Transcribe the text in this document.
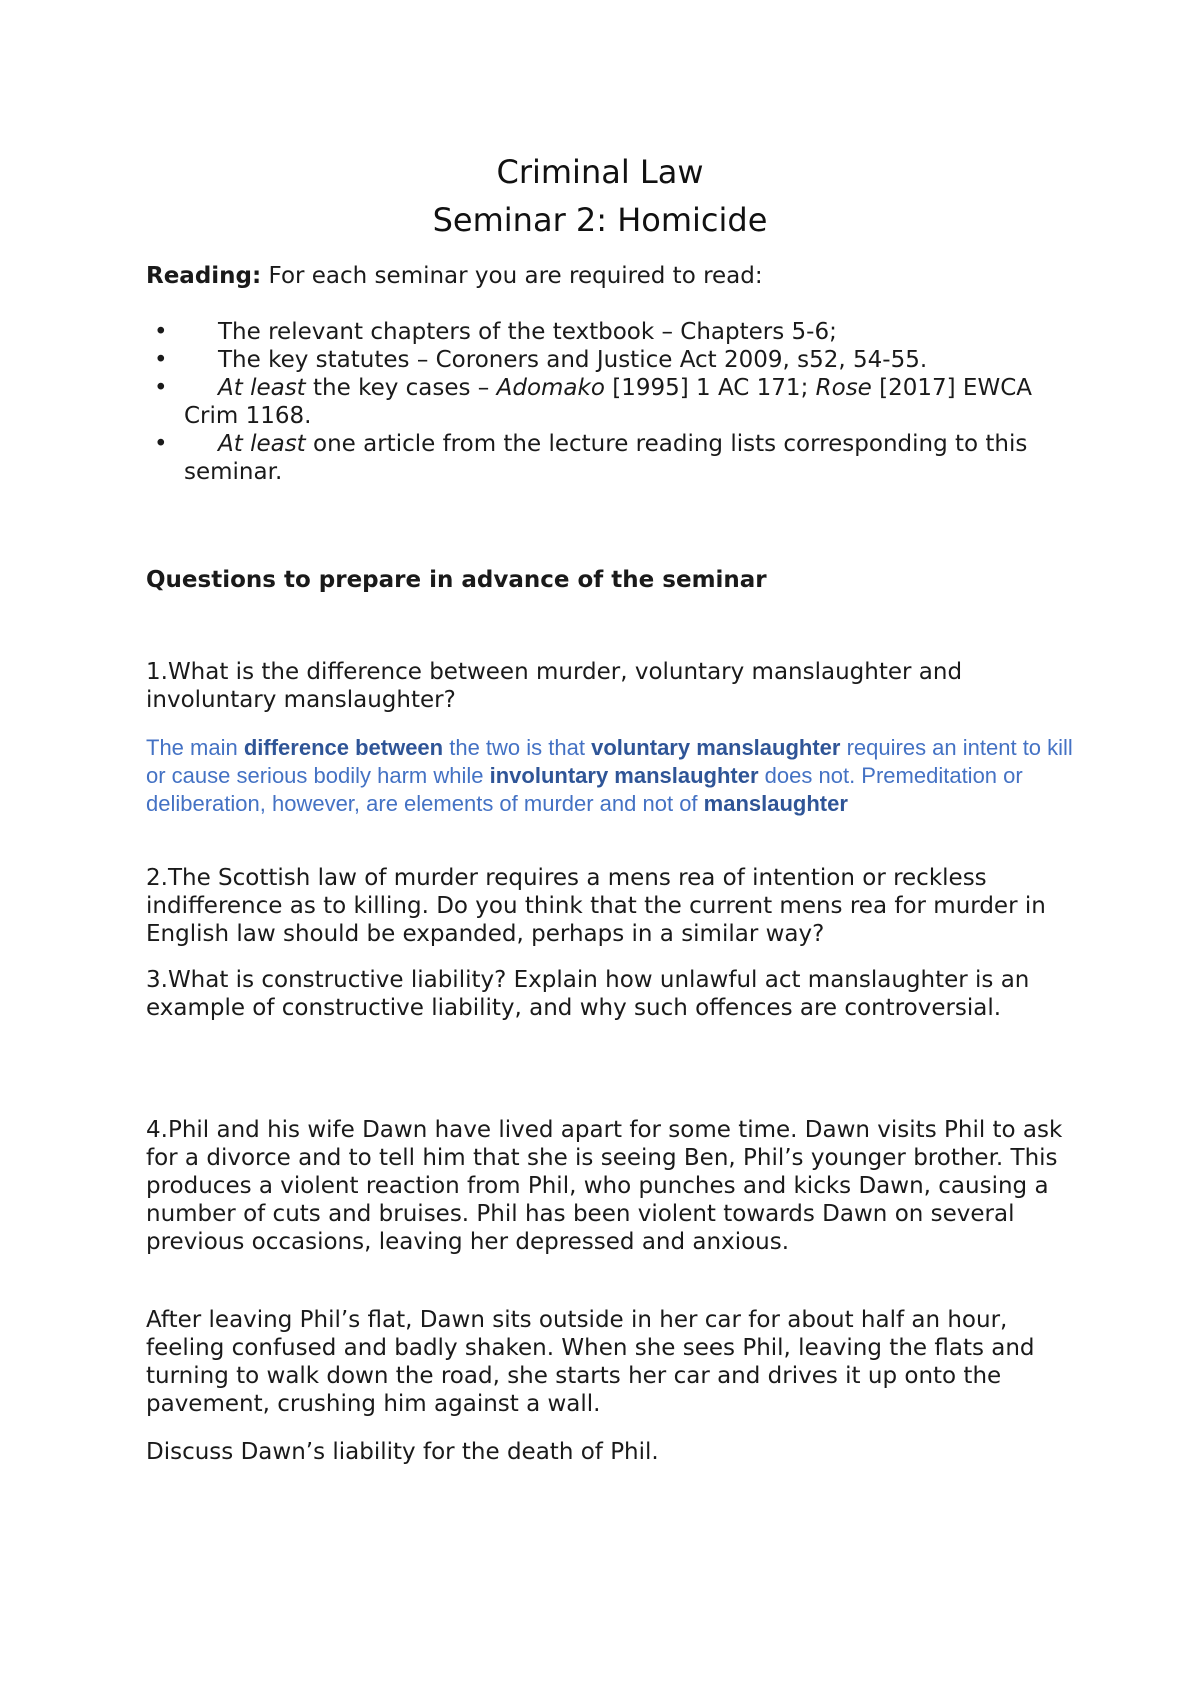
Criminal Law
Seminar 2: Homicide
Reading: For each seminar you are required to read:
• The relevant chapters of the textbook – Chapters 5-6;
• The key statutes – Coroners and Justice Act 2009, s52, 54-55.
• At least the key cases – Adomako [1995] 1 AC 171; Rose [2017] EWCA Crim 1168.
• At least one article from the lecture reading lists corresponding to this seminar.
Questions to prepare in advance of the seminar
1.What is the difference between murder, voluntary manslaughter and involuntary manslaughter?
The main difference between the two is that voluntary manslaughter requires an intent to kill or cause serious bodily harm while involuntary manslaughter does not. Premeditation or deliberation, however, are elements of murder and not of manslaughter
2.The Scottish law of murder requires a mens rea of intention or reckless indifference as to killing. Do you think that the current mens rea for murder in English law should be expanded, perhaps in a similar way?
3.What is constructive liability? Explain how unlawful act manslaughter is an example of constructive liability, and why such offences are controversial.
4.Phil and his wife Dawn have lived apart for some time. Dawn visits Phil to ask for a divorce and to tell him that she is seeing Ben, Phil’s younger brother. This produces a violent reaction from Phil, who punches and kicks Dawn, causing a number of cuts and bruises. Phil has been violent towards Dawn on several previous occasions, leaving her depressed and anxious.
After leaving Phil’s flat, Dawn sits outside in her car for about half an hour, feeling confused and badly shaken. When she sees Phil, leaving the flats and turning to walk down the road, she starts her car and drives it up onto the pavement, crushing him against a wall.
Discuss Dawn’s liability for the death of Phil.
